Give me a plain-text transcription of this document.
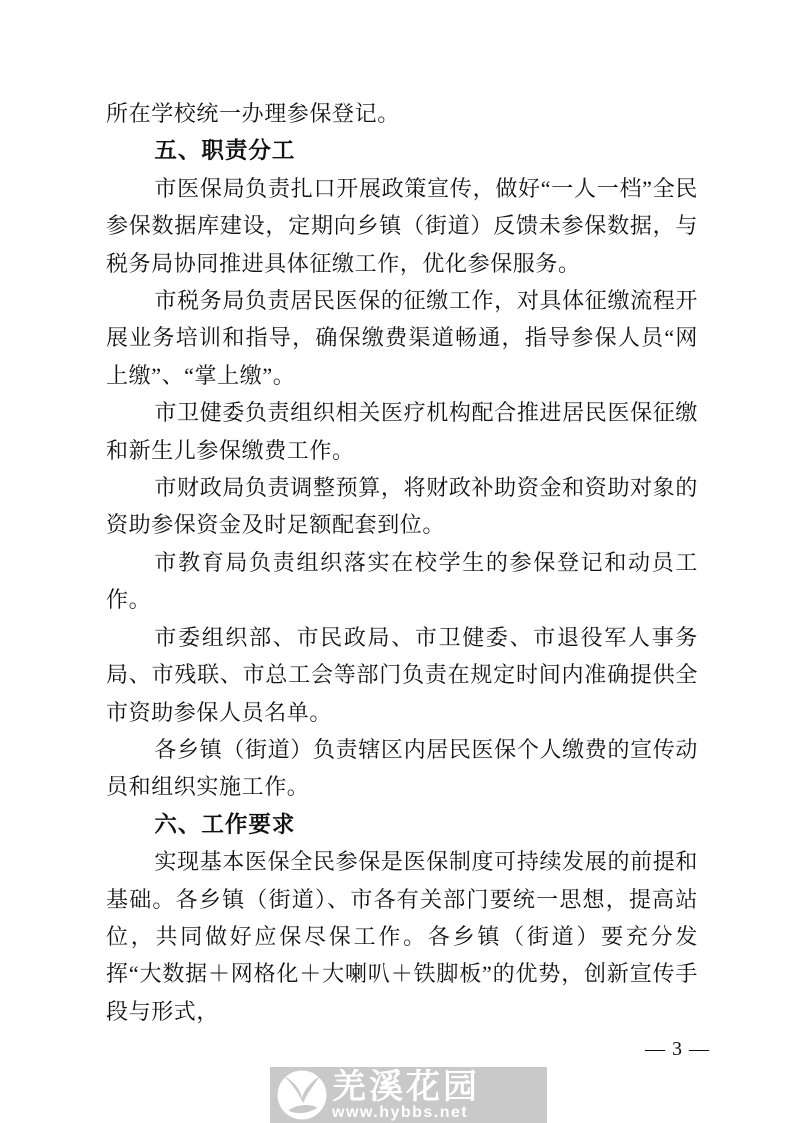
所在学校统一办理参保登记。

五、职责分工

市医保局负责扎口开展政策宣传，做好“一人一档”全民参保数据库建设，定期向乡镇（街道）反馈未参保数据，与税务局协同推进具体征缴工作，优化参保服务。

市税务局负责居民医保的征缴工作，对具体征缴流程开展业务培训和指导，确保缴费渠道畅通，指导参保人员“网上缴”、“掌上缴”。

市卫健委负责组织相关医疗机构配合推进居民医保征缴和新生儿参保缴费工作。

市财政局负责调整预算，将财政补助资金和资助对象的资助参保资金及时足额配套到位。

市教育局负责组织落实在校学生的参保登记和动员工作。

市委组织部、市民政局、市卫健委、市退役军人事务局、市残联、市总工会等部门负责在规定时间内准确提供全市资助参保人员名单。

各乡镇（街道）负责辖区内居民医保个人缴费的宣传动员和组织实施工作。

六、工作要求

实现基本医保全民参保是医保制度可持续发展的前提和基础。各乡镇（街道）、市各有关部门要统一思想，提高站位，共同做好应保尽保工作。各乡镇（街道）要充分发挥“大数据＋网格化＋大喇叭＋铁脚板”的优势，创新宣传手段与形式，

— 3 —
羌溪花园
www.hybbs.net
